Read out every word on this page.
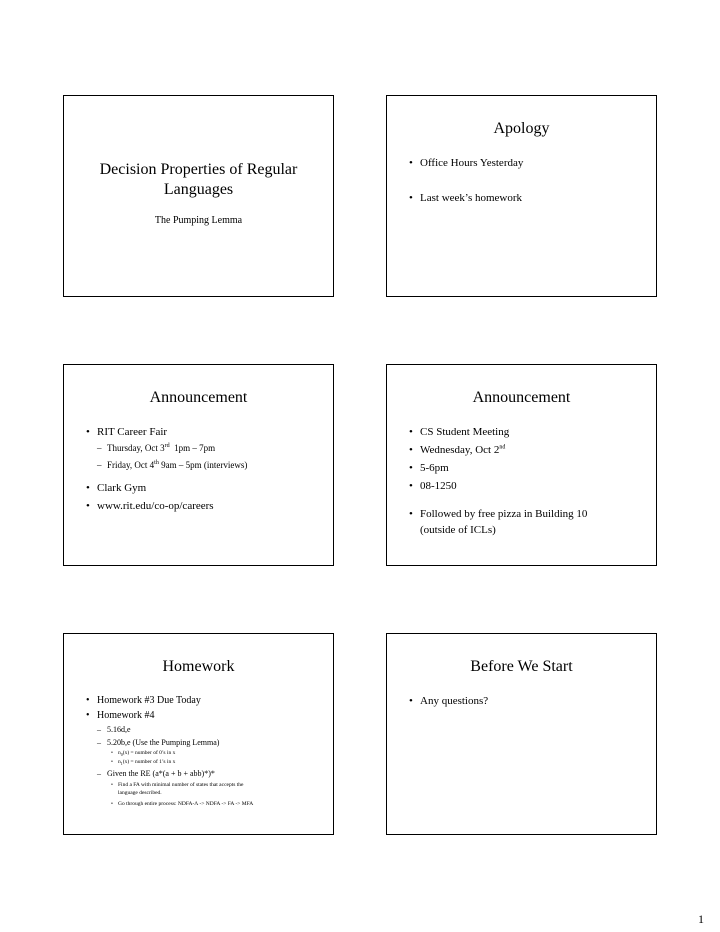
Decision Properties of Regular
Languages
The Pumping Lemma
Apology
• Office Hours Yesterday
• Last week’s homework
Announcement
• RIT Career Fair
– Thursday, Oct 3rd  1pm – 7pm
– Friday, Oct 4th 9am – 5pm (interviews)
• Clark Gym
• www.rit.edu/co-op/careers
Announcement
• CS Student Meeting
• Wednesday, Oct 2nd
• 5-6pm
• 08-1250
• Followed by free pizza in Building 10
(outside of ICLs)
Homework
• Homework #3 Due Today
• Homework #4
– 5.16d,e
– 5.20b,e (Use the Pumping Lemma)
• $n_0(x)$ = number of 0’s in x
• $n_1(x)$ = number of 1’s in x
– Given the RE (a*(a + b + abb)*)*
• Find a FA with minimal number of states that accepts the
language described.
• Go through entire process: NDFA-Λ -> NDFA -> FA -> MFA
Before We Start
• Any questions?
1
